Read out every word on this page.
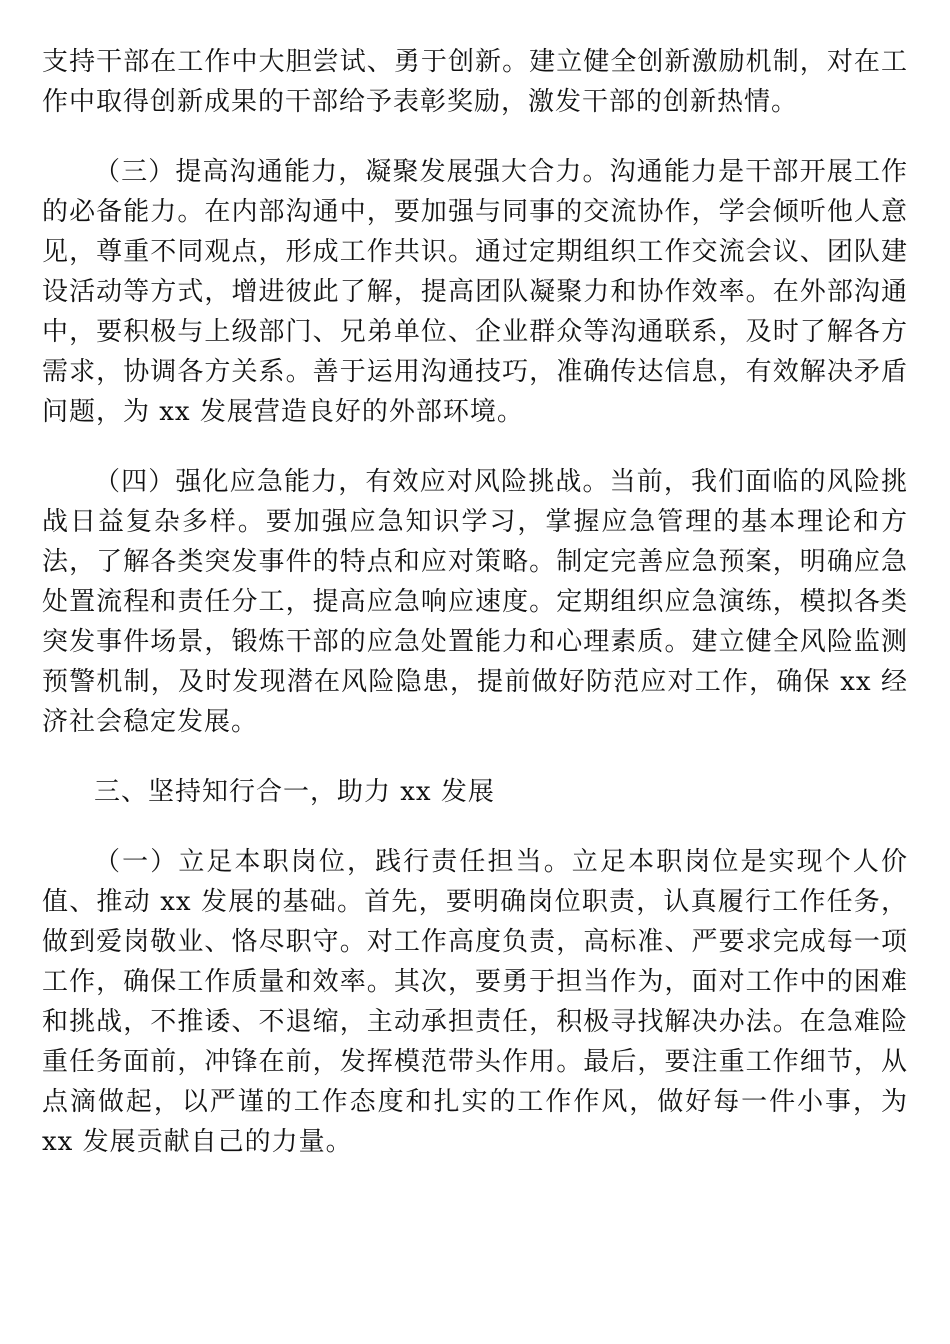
支持干部在工作中大胆尝试、勇于创新。建立健全创新激励机制，对在工作中取得创新成果的干部给予表彰奖励，激发干部的创新热情。

（三）提高沟通能力，凝聚发展强大合力。沟通能力是干部开展工作的必备能力。在内部沟通中，要加强与同事的交流协作，学会倾听他人意见，尊重不同观点，形成工作共识。通过定期组织工作交流会议、团队建设活动等方式，增进彼此了解，提高团队凝聚力和协作效率。在外部沟通中，要积极与上级部门、兄弟单位、企业群众等沟通联系，及时了解各方需求，协调各方关系。善于运用沟通技巧，准确传达信息，有效解决矛盾问题，为 xx 发展营造良好的外部环境。

（四）强化应急能力，有效应对风险挑战。当前，我们面临的风险挑战日益复杂多样。要加强应急知识学习，掌握应急管理的基本理论和方法，了解各类突发事件的特点和应对策略。制定完善应急预案，明确应急处置流程和责任分工，提高应急响应速度。定期组织应急演练，模拟各类突发事件场景，锻炼干部的应急处置能力和心理素质。建立健全风险监测预警机制，及时发现潜在风险隐患，提前做好防范应对工作，确保 xx 经济社会稳定发展。

三、坚持知行合一，助力 xx 发展

（一）立足本职岗位，践行责任担当。立足本职岗位是实现个人价值、推动 xx 发展的基础。首先，要明确岗位职责，认真履行工作任务，做到爱岗敬业、恪尽职守。对工作高度负责，高标准、严要求完成每一项工作，确保工作质量和效率。其次，要勇于担当作为，面对工作中的困难和挑战，不推诿、不退缩，主动承担责任，积极寻找解决办法。在急难险重任务面前，冲锋在前，发挥模范带头作用。最后，要注重工作细节，从点滴做起，以严谨的工作态度和扎实的工作作风，做好每一件小事，为 xx 发展贡献自己的力量。
